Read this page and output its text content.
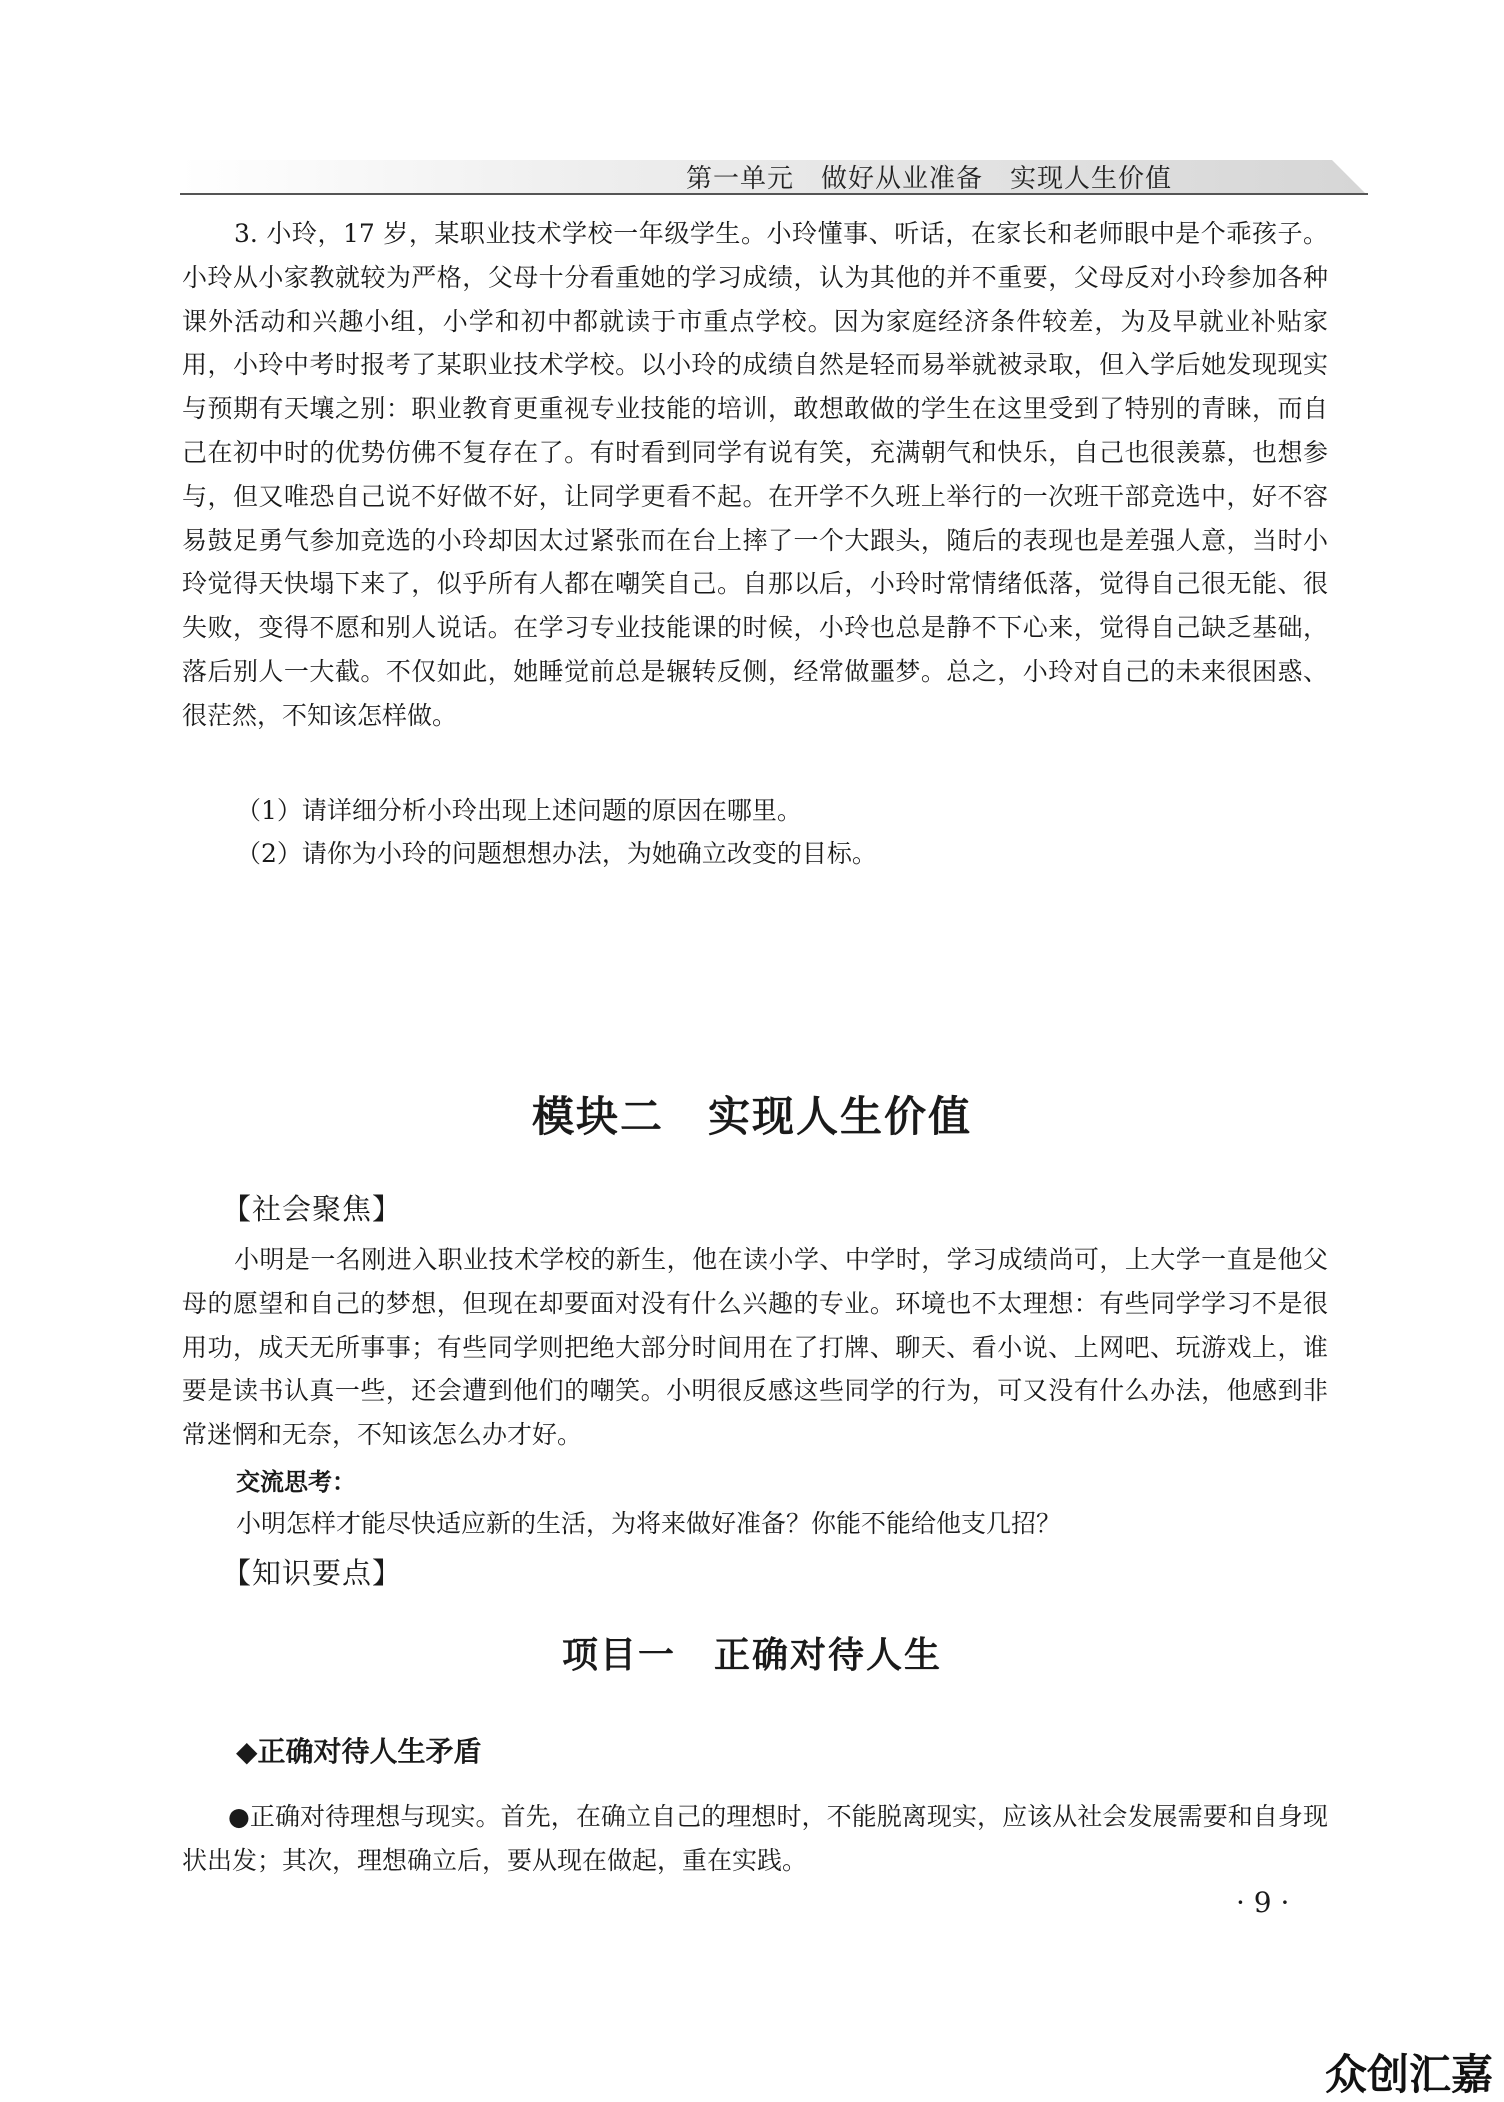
第一单元　做好从业准备　实现人生价值

3. 小玲，17 岁，某职业技术学校一年级学生。小玲懂事、听话，在家长和老师眼中是个乖孩子。小玲从小家教就较为严格，父母十分看重她的学习成绩，认为其他的并不重要，父母反对小玲参加各种课外活动和兴趣小组，小学和初中都就读于市重点学校。因为家庭经济条件较差，为及早就业补贴家用，小玲中考时报考了某职业技术学校。以小玲的成绩自然是轻而易举就被录取，但入学后她发现现实与预期有天壤之别：职业教育更重视专业技能的培训，敢想敢做的学生在这里受到了特别的青睐，而自己在初中时的优势仿佛不复存在了。有时看到同学有说有笑，充满朝气和快乐，自己也很羡慕，也想参与，但又唯恐自己说不好做不好，让同学更看不起。在开学不久班上举行的一次班干部竞选中，好不容易鼓足勇气参加竞选的小玲却因太过紧张而在台上摔了一个大跟头，随后的表现也是差强人意，当时小玲觉得天快塌下来了，似乎所有人都在嘲笑自己。自那以后，小玲时常情绪低落，觉得自己很无能、很失败，变得不愿和别人说话。在学习专业技能课的时候，小玲也总是静不下心来，觉得自己缺乏基础，落后别人一大截。不仅如此，她睡觉前总是辗转反侧，经常做噩梦。总之，小玲对自己的未来很困惑、很茫然，不知该怎样做。

（1）请详细分析小玲出现上述问题的原因在哪里。

（2）请你为小玲的问题想想办法，为她确立改变的目标。

模块二　实现人生价值
【社会聚焦】

小明是一名刚进入职业技术学校的新生，他在读小学、中学时，学习成绩尚可，上大学一直是他父母的愿望和自己的梦想，但现在却要面对没有什么兴趣的专业。环境也不太理想：有些同学学习不是很用功，成天无所事事；有些同学则把绝大部分时间用在了打牌、聊天、看小说、上网吧、玩游戏上，谁要是读书认真一些，还会遭到他们的嘲笑。小明很反感这些同学的行为，可又没有什么办法，他感到非常迷惘和无奈，不知该怎么办才好。

交流思考：

小明怎样才能尽快适应新的生活，为将来做好准备？你能不能给他支几招？

【知识要点】
项目一　正确对待人生
◆正确对待人生矛盾

●正确对待理想与现实。首先，在确立自己的理想时，不能脱离现实，应该从社会发展需要和自身现状出发；其次，理想确立后，要从现在做起，重在实践。

· 9 ·
众创汇嘉
